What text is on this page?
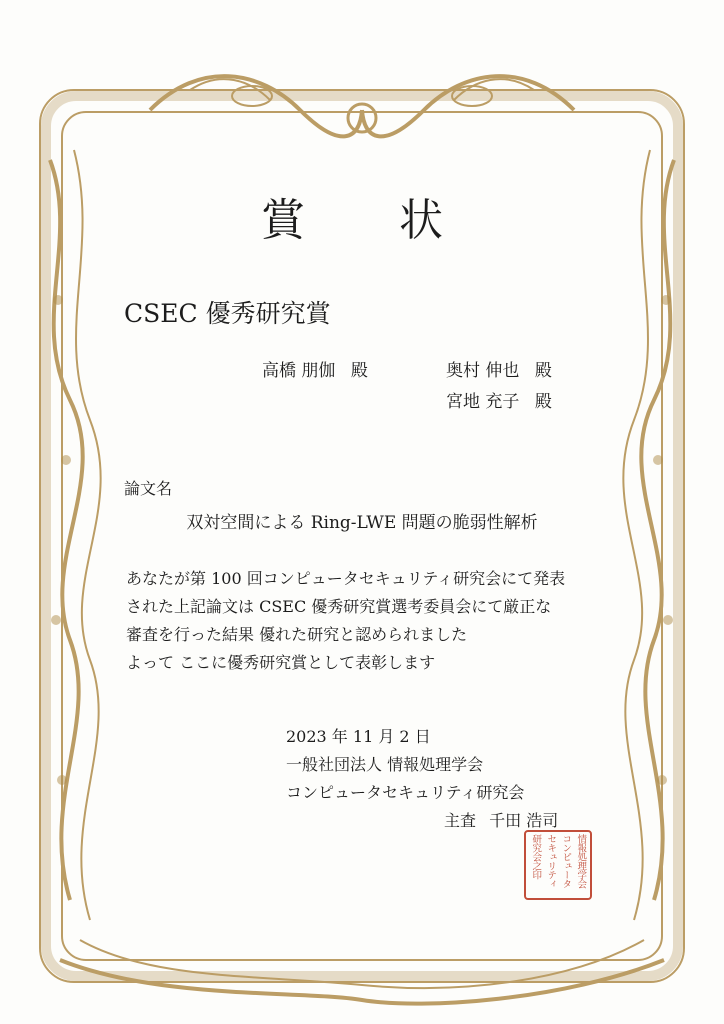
賞 状
CSEC 優秀研究賞
高橋 朋伽 殿	奥村 伸也 殿
宮地 充子 殿
論文名
双対空間による Ring-LWE 問題の脆弱性解析
あなたが第 100 回コンピュータセキュリティ研究会にて発表
された上記論文は CSEC 優秀研究賞選考委員会にて厳正な
審査を行った結果 優れた研究と認められました
よって ここに優秀研究賞として表彰します
2023 年 11 月 2 日
一般社団法人 情報処理学会
コンピュータセキュリティ研究会
主査 千田 浩司
情報処理学会
コンピュータ
セキュリティ
研究会之印
